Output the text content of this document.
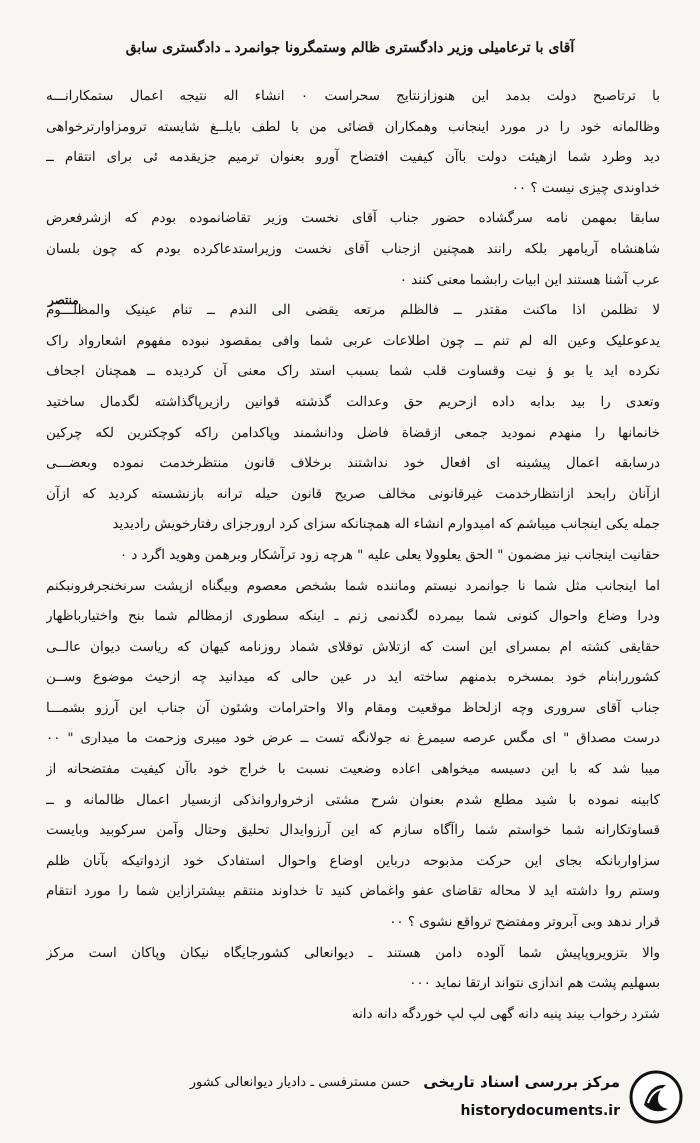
آقای با ترعامیلی وزیر دادگستری ظالم وستمگرونا جوانمرد ـ دادگستری سابق
منتصر
با ترتاصبح دولت بدمد این هنوزازنتایج سحراست ۰ انشاء اله نتیجه اعمال ستمکارانـــه
وظالمانه خود را در مورد اینجانب وهمکاران قضائی من با لطف بایلــغ شایسته ترومزاوارترخواهی
دید وطرد شما ازهیئت دولت باآن کیفیت افتضاح آورو بعنوان ترمیم جزیقدمه ئی برای انتقام ــ
خداوندی چیزی نیست ؟ ۰۰
سابقا بمهمن نامه سرگشاده حضور جناب آقای نخست وزیر تقاضانموده بودم که ازشرفعرض
شاهنشاه آریامهر بلکه رانند همچنین ازجناب آقای نخست وزیراستدعاکرده بودم که چون بلسان
عرب آشنا هستند این ابیات رابشما معنی کنند ۰
لا تظلمن اذا ماکنت مقتدر ــ فالظلم مرتعه یقضی الی الندم ــ تنام عینیک والمظلـــوم
یدعوعلیک وعین اله لم تنم ــ چون اطلاعات عربی شما وافی بمقصود نبوده مفهوم اشعارواد راک
نکرده اید یا بو ؤ نیت وقساوت قلب شما بسبب استد راک معنی آن کردیده ــ همچنان اجحاف
وتعدی را بید بدابه داده ازحریم حق وعدالت گذشته قوانین رازیرپاگذاشته لگدمال ساختید
خانمانها را منهدم نمودید جمعی ازقضاة فاضل ودانشمند وپاکدامن راکه کوچکترین لکه چرکین
درسابقه اعمال پیشینه ای افعال خود نداشتند برخلاف قانون منتظرخدمت نموده وبعضـــی
ازآنان رابحد ازانتظارخدمت غیرقانونی مخالف صریح قانون حیله ترانه بازنشسته کردید که ازآن
جمله یکی اینجانب میباشم که امیدوارم انشاء اله همچنانکه سزای کرد ارورجزای رفتارخویش رادیدید
حقانیت اینجانب نیز مضمون " الحق یعلوولا یعلی علیه " هرچه زود ترآشکار وبرهمن وهوید اگرد د ۰
اما اینجانب مثل شما نا جوانمرد نیستم وماننده شما بشخص معصوم وبیگناه ازپشت سرنخنجرفرونبکنم
ودرا وضاع واحوال کنونی شما بیمرده لگدنمی زنم ـ اینکه سطوری ازمظالم شما بنح واختیارباظهار
حقایقی کشته ام بمسرای این است که ازتلاش توقلای شماد روزنامه کیهان که ریاست دیوان عالــی
کشوررابنام خود بمسخره بدمنهم ساخته اید در عین حالی که میدانید چه ازحیث موضوع وســن
جناب آقای سروری وچه ازلحاظ موقعیت ومقام والا واحترامات وشئون آن جناب این آرزو بشمـــا
درست مصداق " ای مگس عرصه سیمرغ نه جولانگه تست ــ عرض خود میبری وزحمت ما میداری " ۰۰
میبا شد که با این دسیسه میخواهی اعاده وضعیت نسبت با خراج خود باآن کیفیت مفتضحانه از
کابینه نموده با شید مطلع شدم بعنوان شرح مشتی ازخرواروانذکی ازبسیار اعمال ظالمانه و ــ
قساوتکارانه شما خواستم شما راآگاه سازم که این آرزوایدال تحلیق وحتال وآمن سرکوبید وبایست
سزاواربانکه بجای این حرکت مذبوحه درباین اوضاع واحوال استفادک خود ازدواتیکه بآنان ظلم
وستم روا داشته اید لا محاله تقاضای عفو واغماض کنید تا خداوند منتقم بیشترازاین شما را مورد انتقام
قرار ندهد وبی آبروتر ومفتضح ترواقع نشوی ؟ ۰۰
والا بتزویروپاپیش شما آلوده دامن هستند ـ دیوانعالی کشورجایگاه نیکان وپاکان است مرکز
بسهلیم پشت هم اندازی نتواند ارتقا نماید ۰۰۰
شترد رخواب بیند پنبه دانه گهی لپ لپ خوردگه دانه دانه
حسن مسترفسی ـ دادیار دیوانعالی کشور مرکز بررسی اسناد تاریخی
historydocuments.ir
